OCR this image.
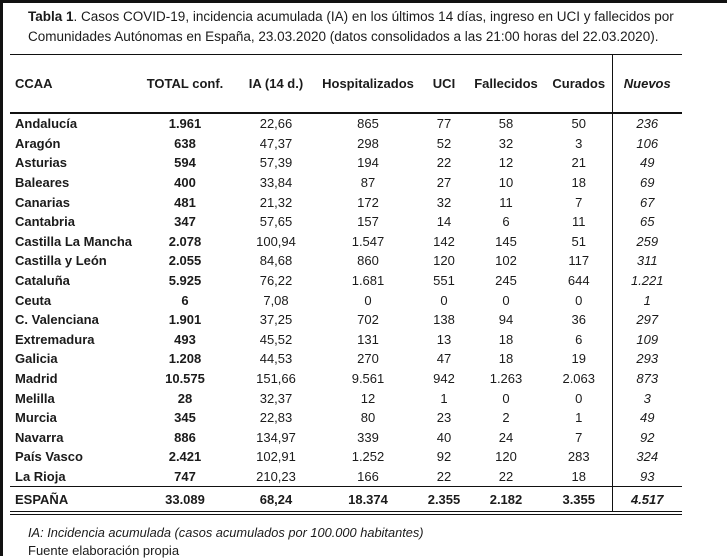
Tabla 1. Casos COVID-19, incidencia acumulada (IA) en los últimos 14 días, ingreso en UCI y fallecidos por Comunidades Autónomas en España, 23.03.2020 (datos consolidados a las 21:00 horas del 22.03.2020).
CCAA	TOTAL conf.	IA (14 d.)	Hospitalizados	UCI	Fallecidos	Curados	Nuevos
Andalucía	1.961	22,66	865	77	58	50	236
Aragón	638	47,37	298	52	32	3	106
Asturias	594	57,39	194	22	12	21	49
Baleares	400	33,84	87	27	10	18	69
Canarias	481	21,32	172	32	11	7	67
Cantabria	347	57,65	157	14	6	11	65
Castilla La Mancha	2.078	100,94	1.547	142	145	51	259
Castilla y León	2.055	84,68	860	120	102	117	311
Cataluña	5.925	76,22	1.681	551	245	644	1.221
Ceuta	6	7,08	0	0	0	0	1
C. Valenciana	1.901	37,25	702	138	94	36	297
Extremadura	493	45,52	131	13	18	6	109
Galicia	1.208	44,53	270	47	18	19	293
Madrid	10.575	151,66	9.561	942	1.263	2.063	873
Melilla	28	32,37	12	1	0	0	3
Murcia	345	22,83	80	23	2	1	49
Navarra	886	134,97	339	40	24	7	92
País Vasco	2.421	102,91	1.252	92	120	283	324
La Rioja	747	210,23	166	22	22	18	93
ESPAÑA	33.089	68,24	18.374	2.355	2.182	3.355	4.517
IA: Incidencia acumulada (casos acumulados por 100.000 habitantes)
Fuente elaboración propia
